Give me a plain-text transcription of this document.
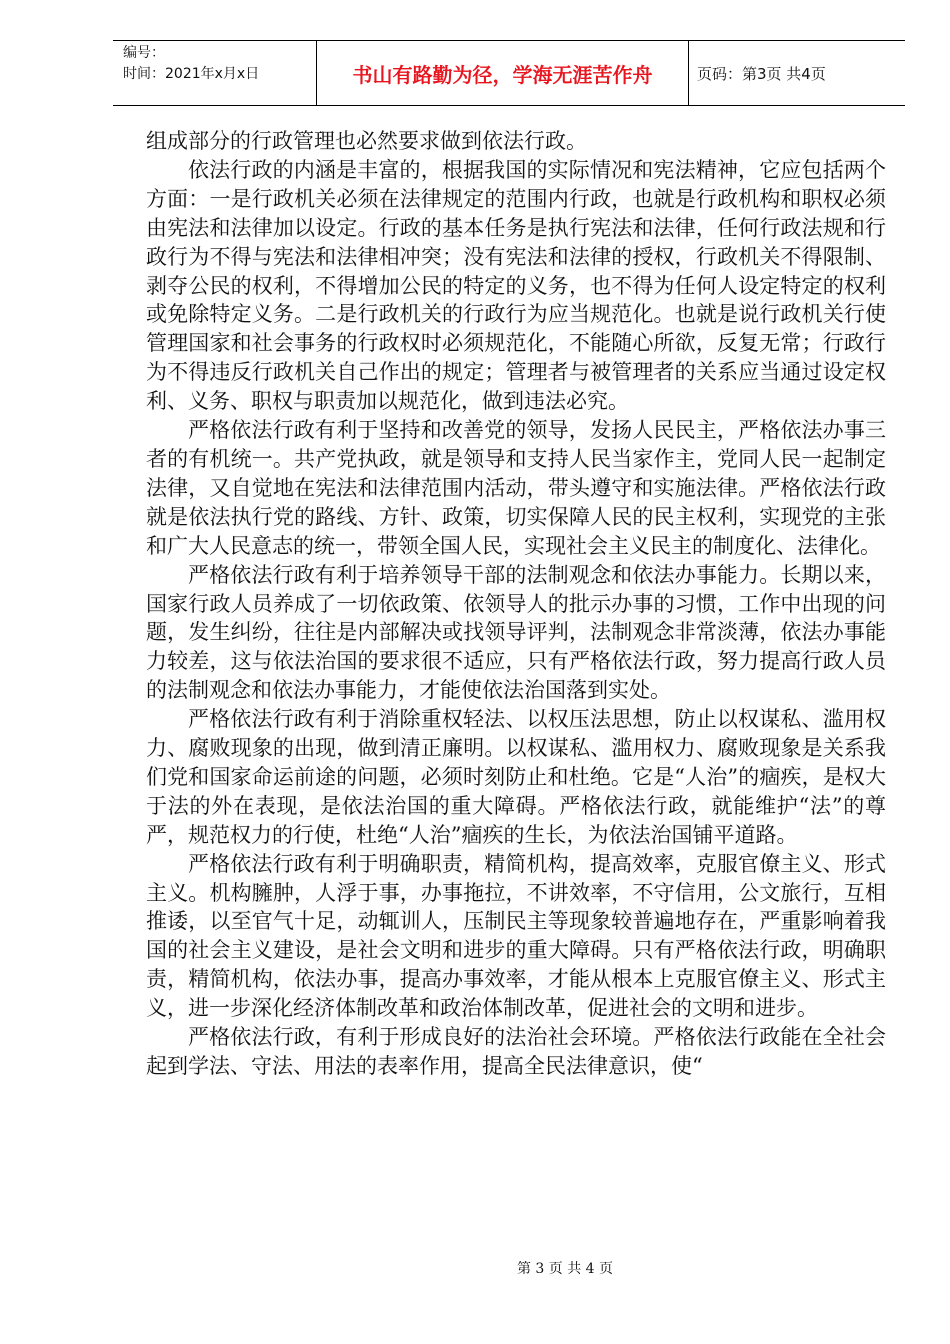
编号：
时间：2021年x月x日	书山有路勤为径，学海无涯苦作舟	页码：第3页 共4页

组成部分的行政管理也必然要求做到依法行政。

依法行政的内涵是丰富的，根据我国的实际情况和宪法精神，它应包括两个方面：一是行政机关必须在法律规定的范围内行政，也就是行政机构和职权必须由宪法和法律加以设定。行政的基本任务是执行宪法和法律，任何行政法规和行政行为不得与宪法和法律相冲突；没有宪法和法律的授权，行政机关不得限制、剥夺公民的权利，不得增加公民的特定的义务，也不得为任何人设定特定的权利或免除特定义务。二是行政机关的行政行为应当规范化。也就是说行政机关行使管理国家和社会事务的行政权时必须规范化，不能随心所欲，反复无常；行政行为不得违反行政机关自己作出的规定；管理者与被管理者的关系应当通过设定权利、义务、职权与职责加以规范化，做到违法必究。

严格依法行政有利于坚持和改善党的领导，发扬人民民主，严格依法办事三者的有机统一。共产党执政，就是领导和支持人民当家作主，党同人民一起制定法律，又自觉地在宪法和法律范围内活动，带头遵守和实施法律。严格依法行政就是依法执行党的路线、方针、政策，切实保障人民的民主权利，实现党的主张和广大人民意志的统一，带领全国人民，实现社会主义民主的制度化、法律化。

严格依法行政有利于培养领导干部的法制观念和依法办事能力。长期以来，国家行政人员养成了一切依政策、依领导人的批示办事的习惯，工作中出现的问题，发生纠纷，往往是内部解决或找领导评判，法制观念非常淡薄，依法办事能力较差，这与依法治国的要求很不适应，只有严格依法行政，努力提高行政人员的法制观念和依法办事能力，才能使依法治国落到实处。

严格依法行政有利于消除重权轻法、以权压法思想，防止以权谋私、滥用权力、腐败现象的出现，做到清正廉明。以权谋私、滥用权力、腐败现象是关系我们党和国家命运前途的问题，必须时刻防止和杜绝。它是“人治”的痼疾，是权大于法的外在表现，是依法治国的重大障碍。严格依法行政，就能维护“法”的尊严，规范权力的行使，杜绝“人治”痼疾的生长，为依法治国铺平道路。

严格依法行政有利于明确职责，精简机构，提高效率，克服官僚主义、形式主义。机构臃肿，人浮于事，办事拖拉，不讲效率，不守信用，公文旅行，互相推诿，以至官气十足，动辄训人，压制民主等现象较普遍地存在，严重影响着我国的社会主义建设，是社会文明和进步的重大障碍。只有严格依法行政，明确职责，精简机构，依法办事，提高办事效率，才能从根本上克服官僚主义、形式主义，进一步深化经济体制改革和政治体制改革，促进社会的文明和进步。

严格依法行政，有利于形成良好的法治社会环境。严格依法行政能在全社会起到学法、守法、用法的表率作用，提高全民法律意识，使“

第 3 页 共 4 页
